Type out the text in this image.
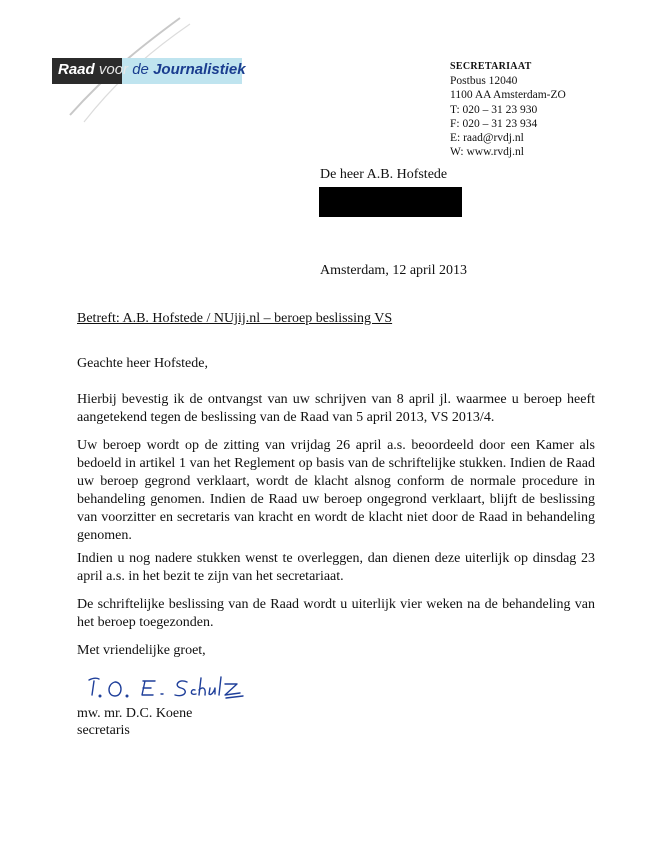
Raad voor de Journalistiek	SECRETARIAAT
Postbus 12040
1100 AA Amsterdam-ZO
T: 020 – 31 23 930
F: 020 – 31 23 934
E: raad@rvdj.nl
W: www.rvdj.nl
De heer A.B. Hofstede
Amsterdam, 12 april 2013
Betreft: A.B. Hofstede / NUjij.nl – beroep beslissing VS
Geachte heer Hofstede,
Hierbij bevestig ik de ontvangst van uw schrijven van 8 april jl. waarmee u beroep heeft aangetekend tegen de beslissing van de Raad van 5 april 2013, VS 2013/4.
Uw beroep wordt op de zitting van vrijdag 26 april a.s. beoordeeld door een Kamer als bedoeld in artikel 1 van het Reglement op basis van de schriftelijke stukken. Indien de Raad uw beroep gegrond verklaart, wordt de klacht alsnog conform de normale procedure in behandeling genomen. Indien de Raad uw beroep ongegrond verklaart, blijft de beslissing van voorzitter en secretaris van kracht en wordt de klacht niet door de Raad in behandeling genomen.
Indien u nog nadere stukken wenst te overleggen, dan dienen deze uiterlijk op dinsdag 23 april a.s. in het bezit te zijn van het secretariaat.
De schriftelijke beslissing van de Raad wordt u uiterlijk vier weken na de behandeling van het beroep toegezonden.
Met vriendelijke groet,
mw. mr. D.C. Koene
secretaris
